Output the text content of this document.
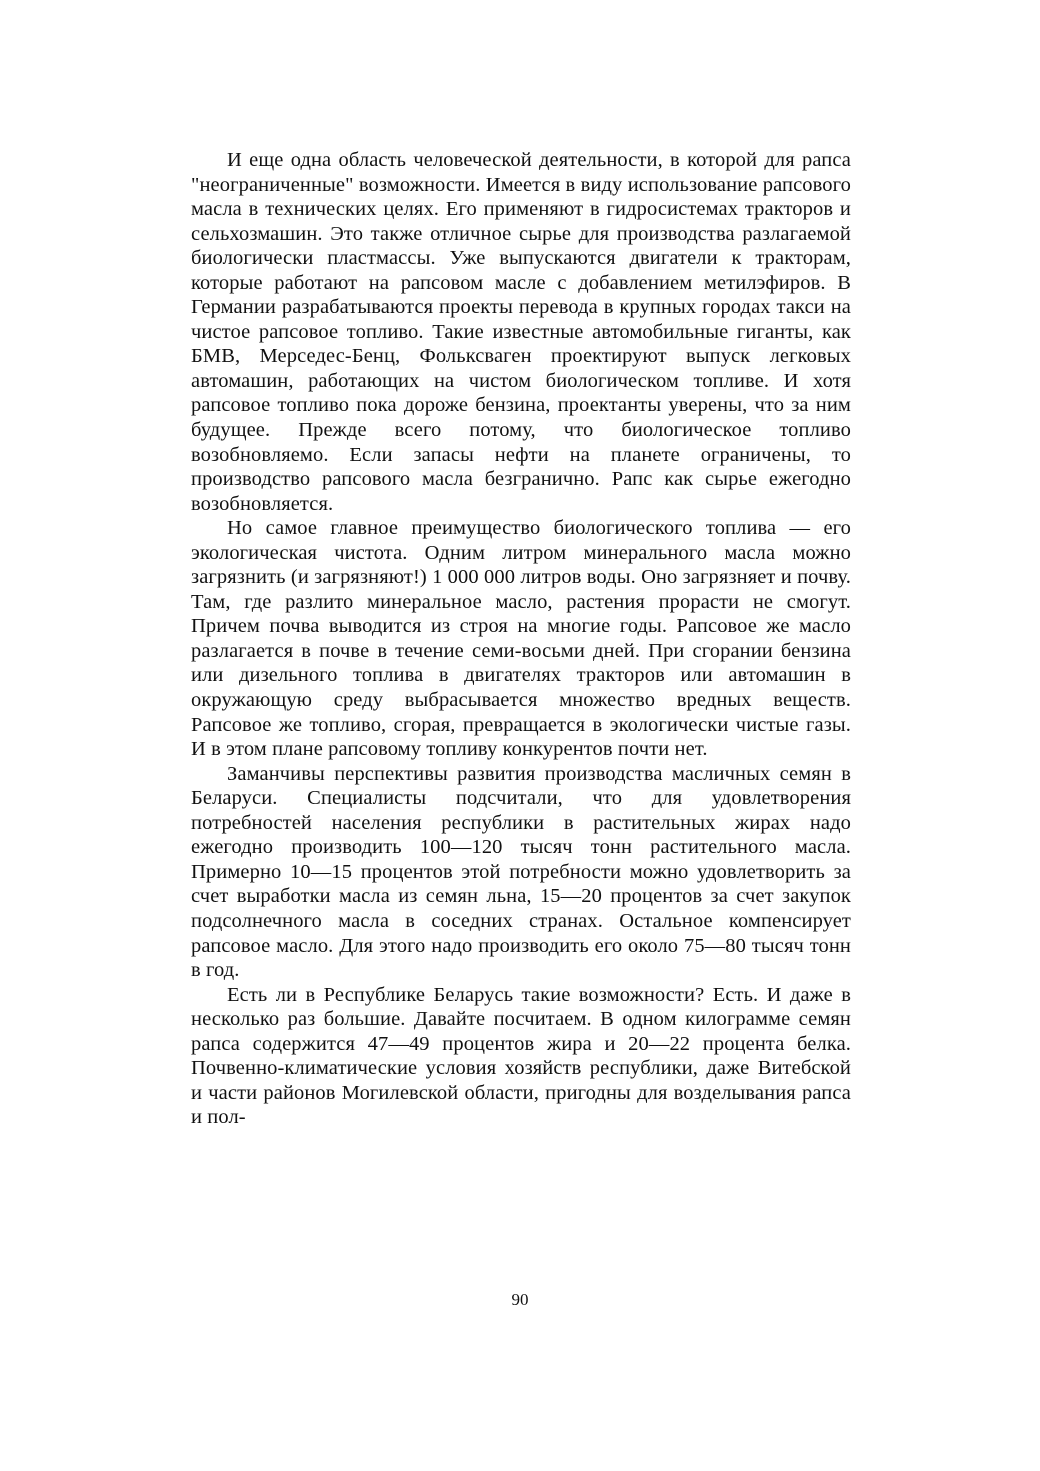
И еще одна область человеческой деятельности, в которой для рапса "неограниченные" возможности. Имеется в виду использование рапсового масла в технических целях. Его применяют в гидросистемах тракторов и сельхозмашин. Это также отличное сырье для производства разлагаемой биологически пластмассы. Уже выпускаются двигатели к тракторам, которые работают на рапсовом масле с добавлением метилэфиров. В Германии разрабатываются проекты перевода в крупных городах такси на чистое рапсовое топливо. Такие известные автомобильные гиганты, как БМВ, Мерседес-Бенц, Фольксваген проектируют выпуск легковых автомашин, работающих на чистом биологическом топливе. И хотя рапсовое топливо пока дороже бензина, проектанты уверены, что за ним будущее. Прежде всего потому, что биологическое топливо возобновляемо. Если запасы нефти на планете ограничены, то производство рапсового масла безгранично. Рапс как сырье ежегодно возобновляется.

Но самое главное преимущество биологического топлива — его экологическая чистота. Одним литром минерального масла можно загрязнить (и загрязняют!) 1 000 000 литров воды. Оно загрязняет и почву. Там, где разлито минеральное масло, растения прорасти не смогут. Причем почва выводится из строя на многие годы. Рапсовое же масло разлагается в почве в течение семи-восьми дней. При сгорании бензина или дизельного топлива в двигателях тракторов или автомашин в окружающую среду выбрасывается множество вредных веществ. Рапсовое же топливо, сгорая, превращается в экологически чистые газы. И в этом плане рапсовому топливу конкурентов почти нет.

Заманчивы перспективы развития производства масличных семян в Беларуси. Специалисты подсчитали, что для удовлетворения потребностей населения республики в растительных жирах надо ежегодно производить 100—120 тысяч тонн растительного масла. Примерно 10—15 процентов этой потребности можно удовлетворить за счет выработки масла из семян льна, 15—20 процентов за счет закупок подсолнечного масла в соседних странах. Остальное компенсирует рапсовое масло. Для этого надо производить его около 75—80 тысяч тонн в год.

Есть ли в Республике Беларусь такие возможности? Есть. И даже в несколько раз большие. Давайте посчитаем. В одном килограмме семян рапса содержится 47—49 процентов жира и 20—22 процента белка. Почвенно-климатические условия хозяйств республики, даже Витебской и части районов Могилевской области, пригодны для возделывания рапса и пол-

90
